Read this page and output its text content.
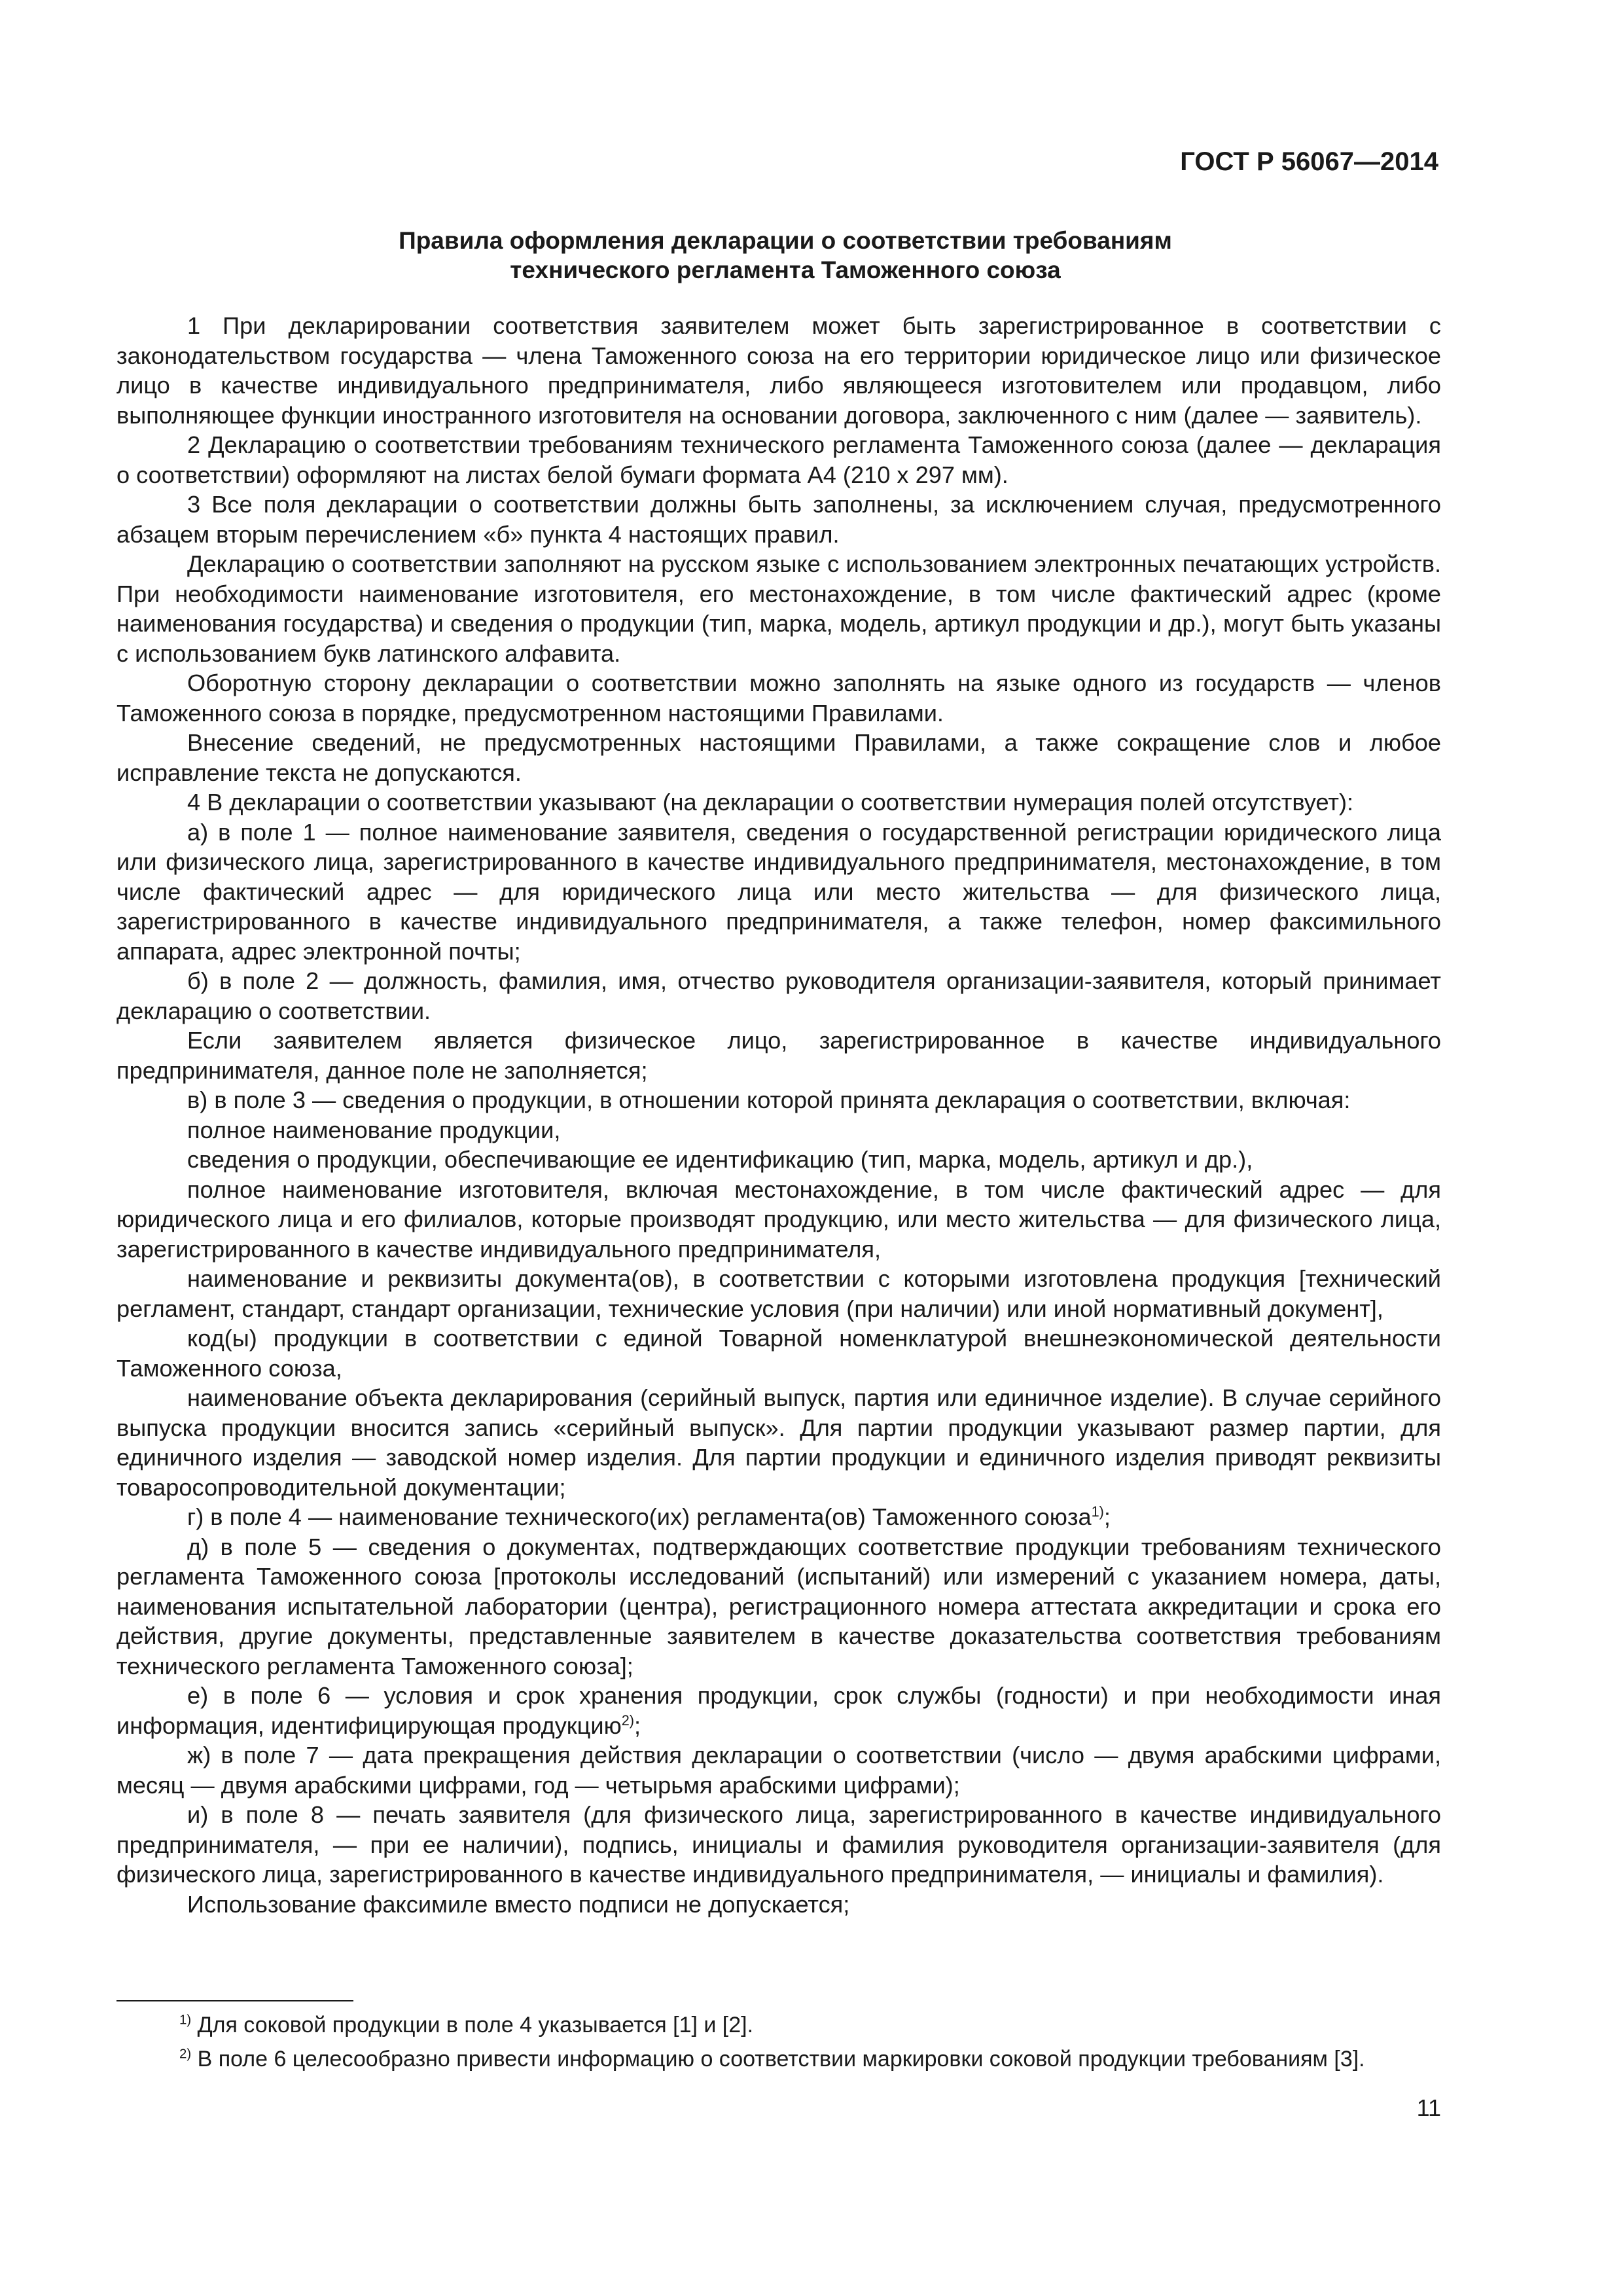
ГОСТ Р 56067—2014
Правила оформления декларации о соответствии требованиям
технического регламента Таможенного союза

1 При декларировании соответствия заявителем может быть зарегистрированное в соответствии с законодательством государства — члена Таможенного союза на его территории юридическое лицо или физическое лицо в качестве индивидуального предпринимателя, либо являющееся изготовителем или продавцом, либо выполняющее функции иностранного изготовителя на основании договора, заключенного с ним (далее — заявитель).

2 Декларацию о соответствии требованиям технического регламента Таможенного союза (далее — декларация о соответствии) оформляют на листах белой бумаги формата А4 (210 х 297 мм).

3 Все поля декларации о соответствии должны быть заполнены, за исключением случая, предусмотренного абзацем вторым перечислением «б» пункта 4 настоящих правил.

Декларацию о соответствии заполняют на русском языке с использованием электронных печатающих устройств. При необходимости наименование изготовителя, его местонахождение, в том числе фактический адрес (кроме наименования государства) и сведения о продукции (тип, марка, модель, артикул продукции и др.), могут быть указаны с использованием букв латинского алфавита.

Оборотную сторону декларации о соответствии можно заполнять на языке одного из государств — членов Таможенного союза в порядке, предусмотренном настоящими Правилами.

Внесение сведений, не предусмотренных настоящими Правилами, а также сокращение слов и любое исправление текста не допускаются.

4 В декларации о соответствии указывают (на декларации о соответствии нумерация полей отсутствует):

а) в поле 1 — полное наименование заявителя, сведения о государственной регистрации юридического лица или физического лица, зарегистрированного в качестве индивидуального предпринимателя, местонахождение, в том числе фактический адрес — для юридического лица или место жительства — для физического лица, зарегистрированного в качестве индивидуального предпринимателя, а также телефон, номер факсимильного аппарата, адрес электронной почты;

б) в поле 2 — должность, фамилия, имя, отчество руководителя организации-заявителя, который принимает декларацию о соответствии.

Если заявителем является физическое лицо, зарегистрированное в качестве индивидуального предпринимателя, данное поле не заполняется;

в) в поле 3 — сведения о продукции, в отношении которой принята декларация о соответствии, включая:

полное наименование продукции,

сведения о продукции, обеспечивающие ее идентификацию (тип, марка, модель, артикул и др.),

полное наименование изготовителя, включая местонахождение, в том числе фактический адрес — для юридического лица и его филиалов, которые производят продукцию, или место жительства — для физического лица, зарегистрированного в качестве индивидуального предпринимателя,

наименование и реквизиты документа(ов), в соответствии с которыми изготовлена продукция [технический регламент, стандарт, стандарт организации, технические условия (при наличии) или иной нормативный документ],

код(ы) продукции в соответствии с единой Товарной номенклатурой внешнеэкономической деятельности Таможенного союза,

наименование объекта декларирования (серийный выпуск, партия или единичное изделие). В случае серийного выпуска продукции вносится запись «серийный выпуск». Для партии продукции указывают размер партии, для единичного изделия — заводской номер изделия. Для партии продукции и единичного изделия приводят реквизиты товаросопроводительной документации;

г) в поле 4 — наименование технического(их) регламента(ов) Таможенного союза$^{1)}$;

д) в поле 5 — сведения о документах, подтверждающих соответствие продукции требованиям технического регламента Таможенного союза [протоколы исследований (испытаний) или измерений с указанием номера, даты, наименования испытательной лаборатории (центра), регистрационного номера аттестата аккредитации и срока его действия, другие документы, представленные заявителем в качестве доказательства соответствия требованиям технического регламента Таможенного союза];

е) в поле 6 — условия и срок хранения продукции, срок службы (годности) и при необходимости иная информация, идентифицирующая продукцию$^{2)}$;

ж) в поле 7 — дата прекращения действия декларации о соответствии (число — двумя арабскими цифрами, месяц — двумя арабскими цифрами, год — четырьмя арабскими цифрами);

и) в поле 8 — печать заявителя (для физического лица, зарегистрированного в качестве индивидуального предпринимателя, — при ее наличии), подпись, инициалы и фамилия руководителя организации-заявителя (для физического лица, зарегистрированного в качестве индивидуального предпринимателя, — инициалы и фамилия).

Использование факсимиле вместо подписи не допускается;

$^{1)}$ Для соковой продукции в поле 4 указывается [1] и [2].

$^{2)}$ В поле 6 целесообразно привести информацию о соответствии маркировки соковой продукции требованиям [3].

11
